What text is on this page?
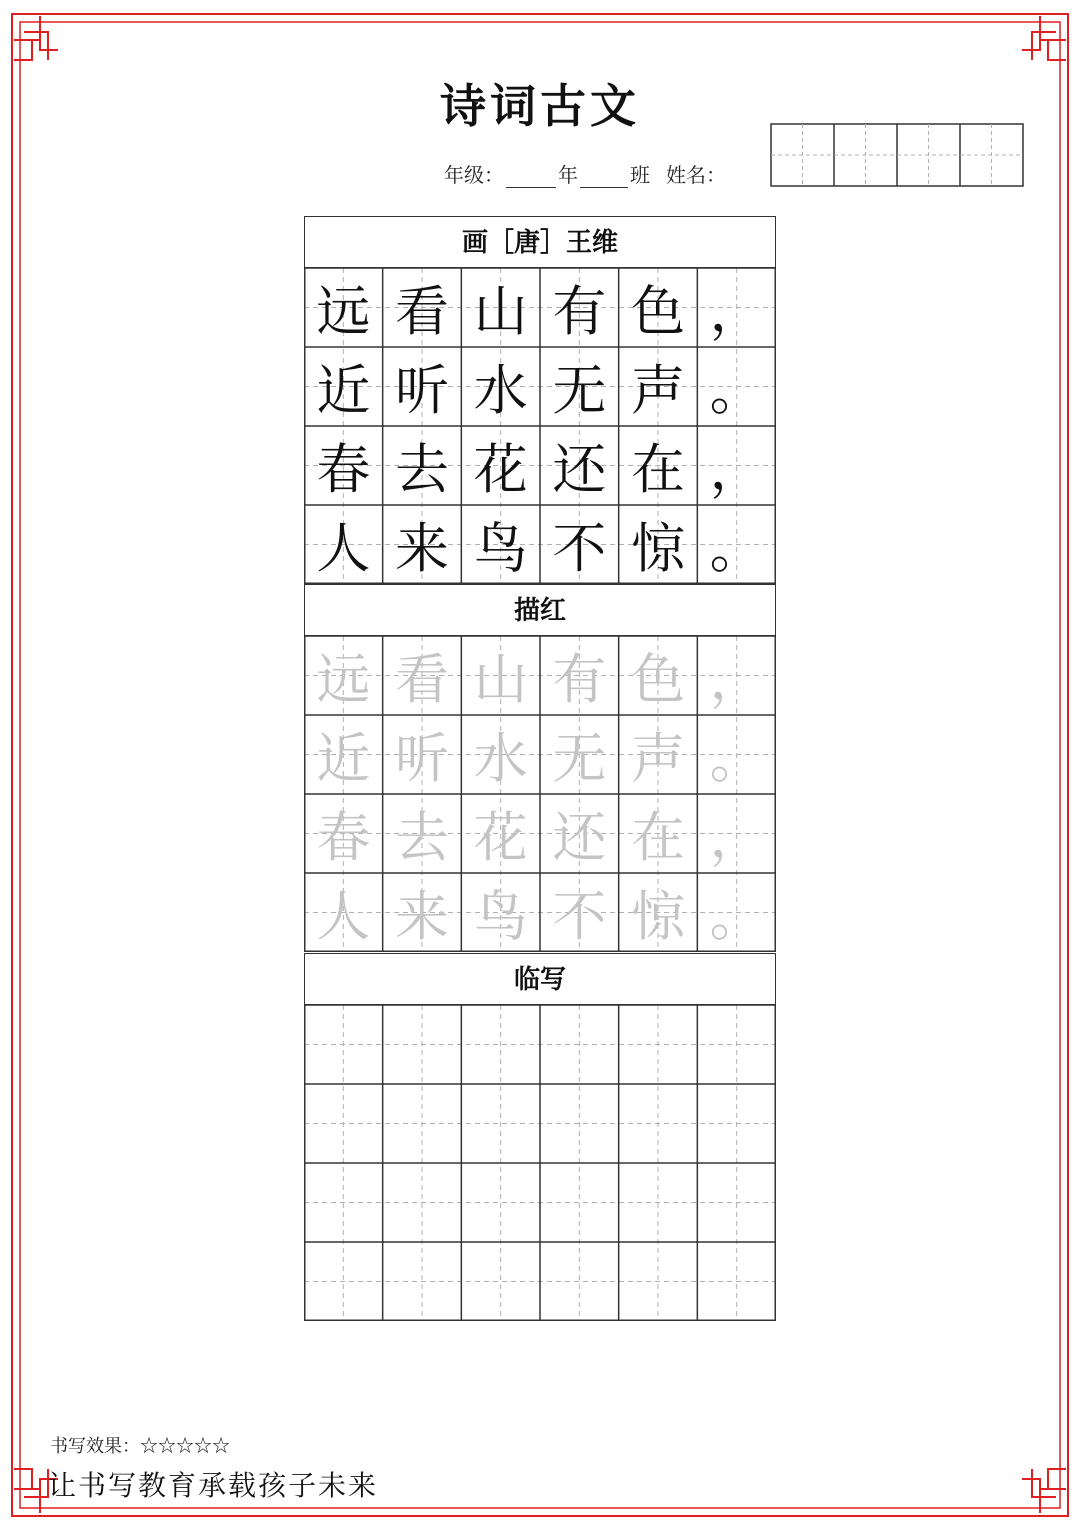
诗词古文
年级：	年	班 姓名：
画［唐］王维
远 看 山 有 色 ，
近 听 水 无 声 。
春 去 花 还 在 ，
人 来 鸟 不 惊 。
描红
远 看 山 有 色 ，
近 听 水 无 声 。
春 去 花 还 在 ，
人 来 鸟 不 惊 。
临写
书写效果：☆☆☆☆☆
让书写教育承载孩子未来
